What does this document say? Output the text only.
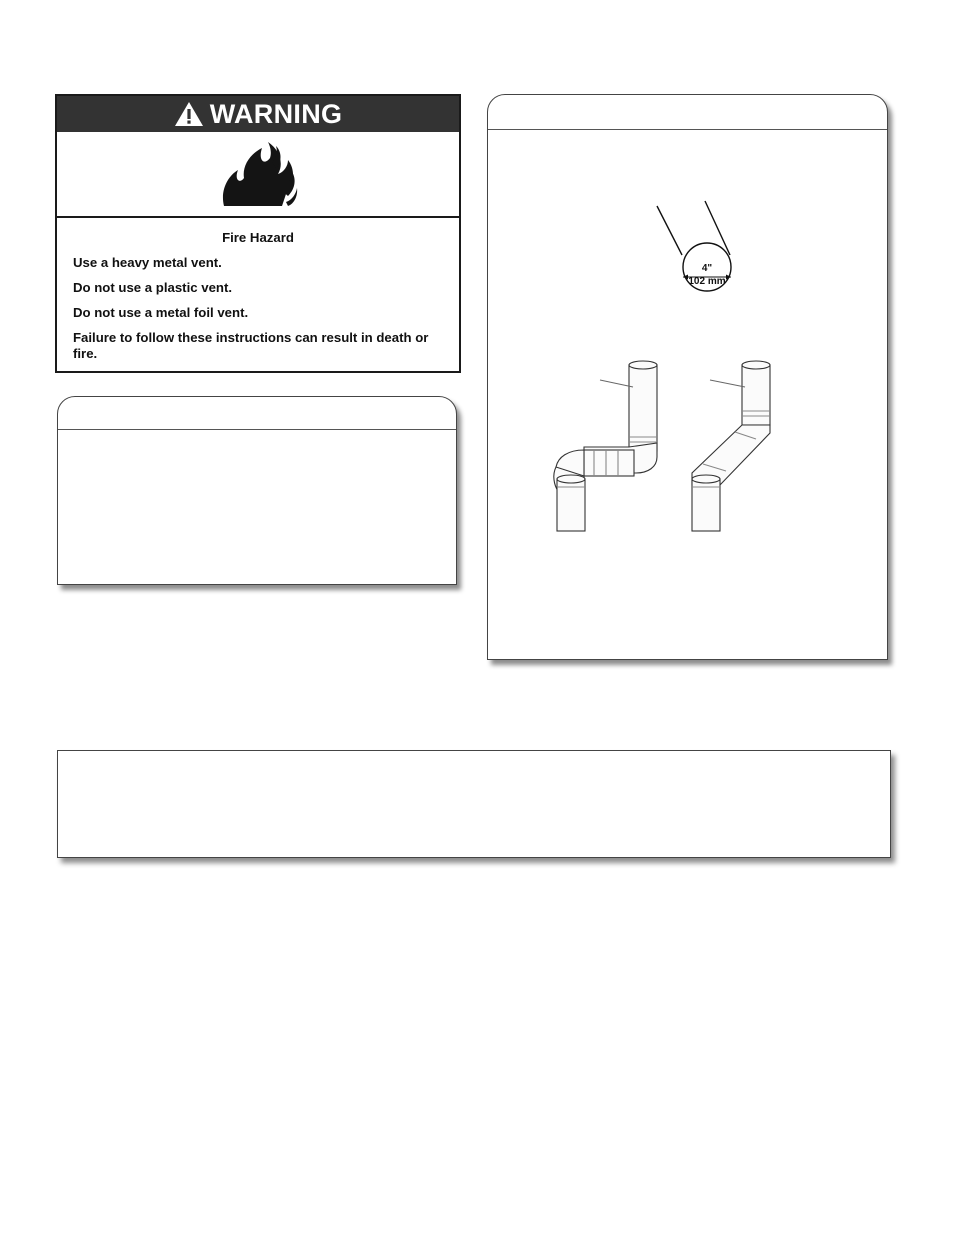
WARNING
Fire Hazard
Use a heavy metal vent.
Do not use a plastic vent.
Do not use a metal foil vent.
Failure to follow these instructions can result in death or fire.
4"
102 mm
